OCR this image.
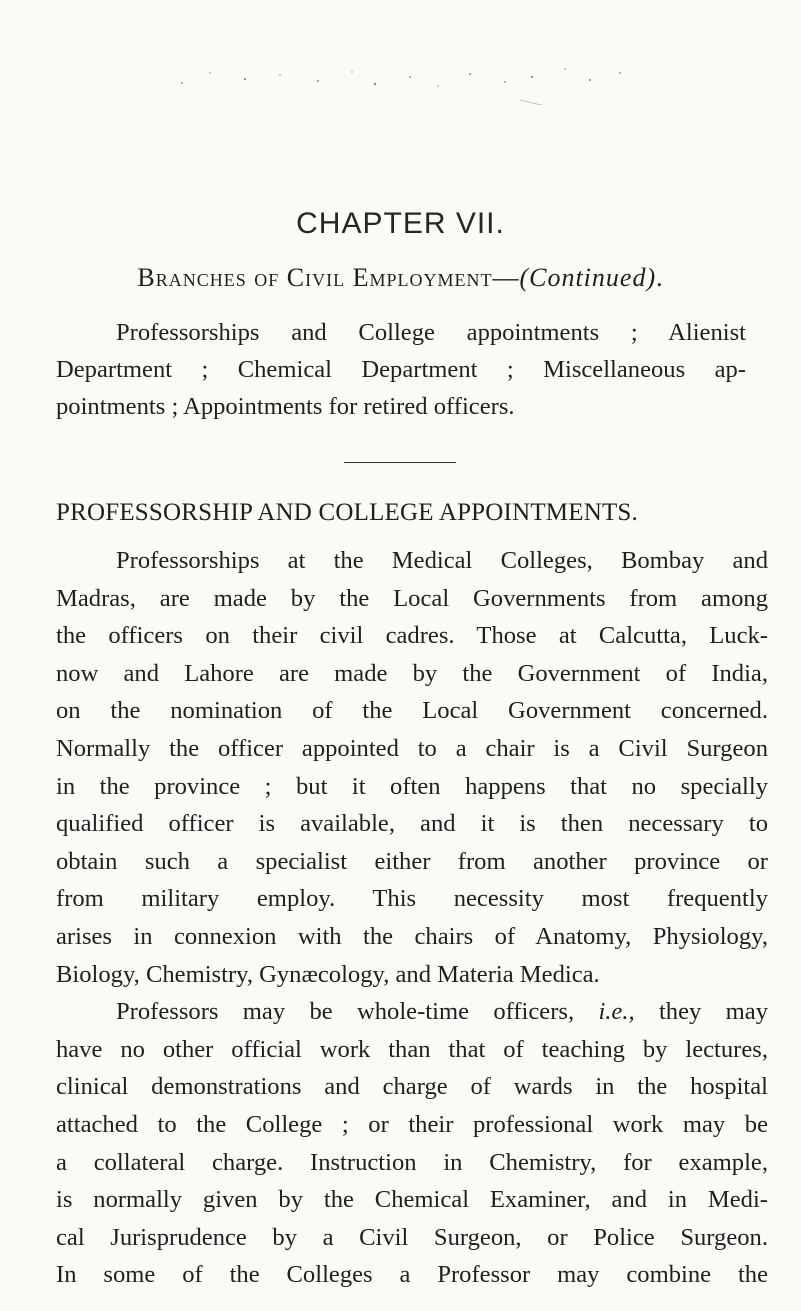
CHAPTER VII.
Branches of Civil Employment—(Continued).
Professorships and College appointments ; Alienist
Department ; Chemical Department ; Miscellaneous ap-
pointments ; Appointments for retired officers.
PROFESSORSHIP AND COLLEGE APPOINTMENTS.
Professorships at the Medical Colleges, Bombay and
Madras, are made by the Local Governments from among
the officers on their civil cadres. Those at Calcutta, Luck-
now and Lahore are made by the Government of India,
on the nomination of the Local Government concerned.
Normally the officer appointed to a chair is a Civil Surgeon
in the province ; but it often happens that no specially
qualified officer is available, and it is then necessary to
obtain such a specialist either from another province or
from military employ. This necessity most frequently
arises in connexion with the chairs of Anatomy, Physiology,
Biology, Chemistry, Gynæcology, and Materia Medica.
Professors may be whole-time officers, i.e., they may
have no other official work than that of teaching by lectures,
clinical demonstrations and charge of wards in the hospital
attached to the College ; or their professional work may be
a collateral charge. Instruction in Chemistry, for example,
is normally given by the Chemical Examiner, and in Medi-
cal Jurisprudence by a Civil Surgeon, or Police Surgeon.
In some of the Colleges a Professor may combine the
